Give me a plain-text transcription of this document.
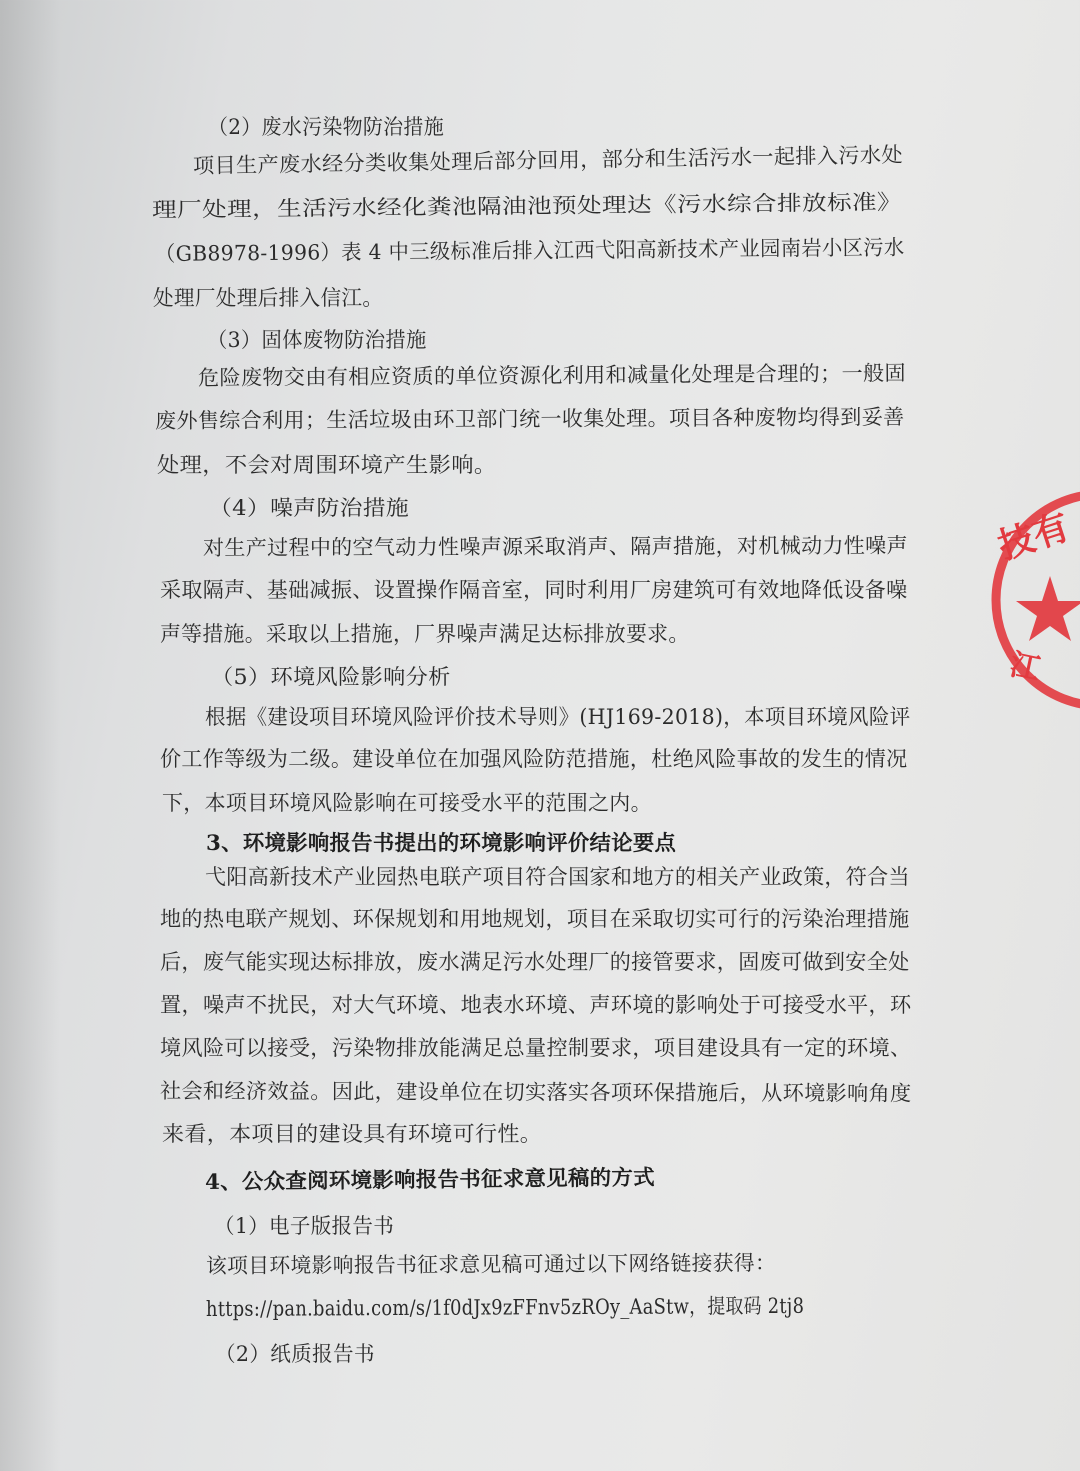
（2）废水污染物防治措施
项目生产废水经分类收集处理后部分回用，部分和生活污水一起排入污水处
理厂处理，生活污水经化粪池隔油池预处理达《污水综合排放标准》
（GB8978-1996）表 4 中三级标准后排入江西弋阳高新技术产业园南岩小区污水
处理厂处理后排入信江。
（3）固体废物防治措施
危险废物交由有相应资质的单位资源化利用和减量化处理是合理的；一般固
废外售综合利用；生活垃圾由环卫部门统一收集处理。项目各种废物均得到妥善
处理，不会对周围环境产生影响。
（4）噪声防治措施
对生产过程中的空气动力性噪声源采取消声、隔声措施，对机械动力性噪声
采取隔声、基础减振、设置操作隔音室，同时利用厂房建筑可有效地降低设备噪
声等措施。采取以上措施，厂界噪声满足达标排放要求。
（5）环境风险影响分析
根据《建设项目环境风险评价技术导则》(HJ169-2018)，本项目环境风险评
价工作等级为二级。建设单位在加强风险防范措施，杜绝风险事故的发生的情况
下，本项目环境风险影响在可接受水平的范围之内。
3、环境影响报告书提出的环境影响评价结论要点
弋阳高新技术产业园热电联产项目符合国家和地方的相关产业政策，符合当
地的热电联产规划、环保规划和用地规划，项目在采取切实可行的污染治理措施
后，废气能实现达标排放，废水满足污水处理厂的接管要求，固废可做到安全处
置，噪声不扰民，对大气环境、地表水环境、声环境的影响处于可接受水平，环
境风险可以接受，污染物排放能满足总量控制要求，项目建设具有一定的环境、
社会和经济效益。因此，建设单位在切实落实各项环保措施后，从环境影响角度
来看，本项目的建设具有环境可行性。
4、公众查阅环境影响报告书征求意见稿的方式
（1）电子版报告书
该项目环境影响报告书征求意见稿可通过以下网络链接获得：
https://pan.baidu.com/s/1f0dJx9zFFnv5zROy_AaStw，提取码 2tj8
（2）纸质报告书
技有
江
